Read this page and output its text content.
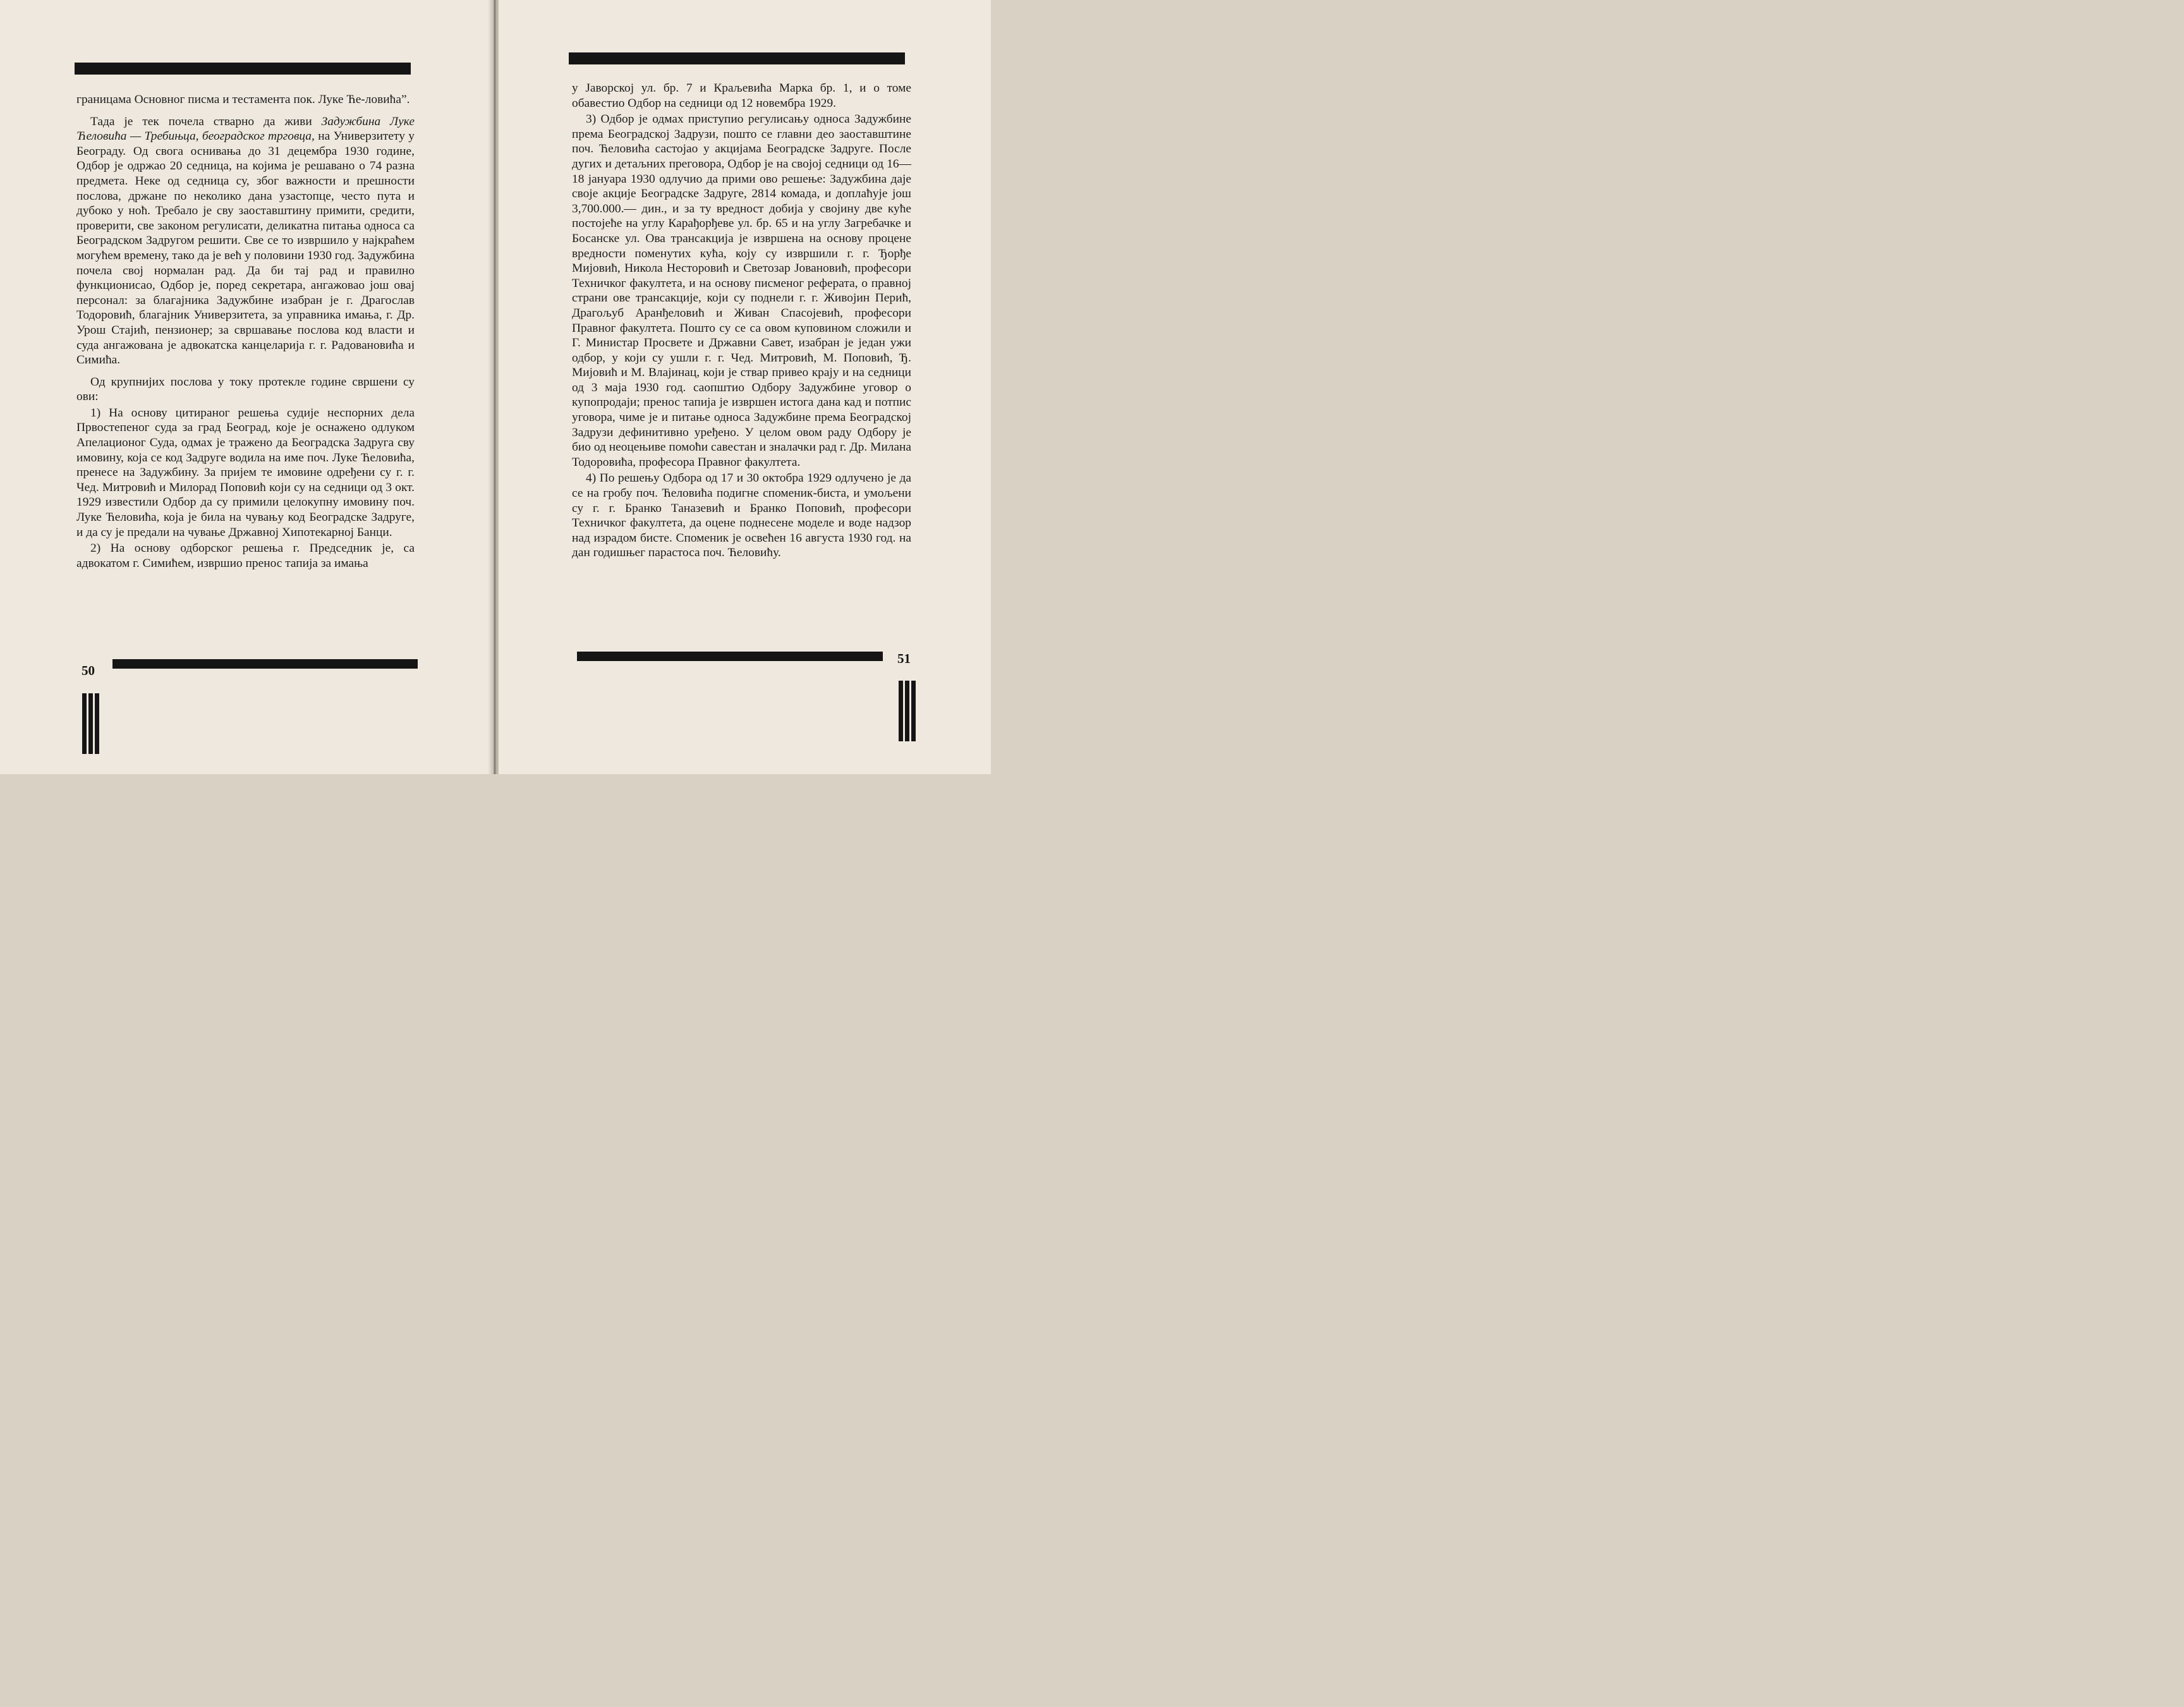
границама Основног писма и тестамента пок. Луке Ће-ловића”.

Тада је тек почела стварно да живи Задужбина Луке Ћеловића — Требињца, београдског трговца, на Универзитету у Београду. Од свога оснивања до 31 децембра 1930 године, Одбор је одржао 20 седница, на којима је решавано о 74 разна предмета. Неке од седница су, због важности и прешности послова, држане по неколико дана узастопце, често пута и дубоко у ноћ. Требало је сву заоставштину примити, средити, проверити, све законом регулисати, деликатна питања односа са Београдском Задругом решити. Све се то извршило у најкраћем могућем времену, тако да је већ у половини 1930 год. Задужбина почела свој нормалан рад. Да би тај рад и правилно функционисао, Одбор је, поред секретара, ангажовао још овај персонал: за благајника Задужбине изабран је г. Драгослав Тодоровић, благајник Универзитета, за управника имања, г. Др. Урош Стајић, пензионер; за свршавање послова код власти и суда ангажована је адвокатска канцеларија г. г. Радовановића и Симића.

Од крупнијих послова у току протекле године свршени су ови:

1) На основу цитираног решења судије неспорних дела Првостепеног суда за град Београд, које је оснажено одлуком Апелационог Суда, одмах је тражено да Београдска Задруга сву имовину, која се код Задруге водила на име поч. Луке Ћеловића, пренесе на Задужбину. За пријем те имовине одређени су г. г. Чед. Митровић и Милорад Поповић који су на седници од 3 окт. 1929 известили Одбор да су примили целокупну имовину поч. Луке Ћеловића, која је била на чувању код Београдске Задруге, и да су је предали на чување Државној Хипотекарној Банци.

2) На основу одборског решења г. Председник је, са адвокатом г. Симићем, извршио пренос тапија за имања

50

у Јаворској ул. бр. 7 и Краљевића Марка бр. 1, и о томе обавестио Одбор на седници од 12 новембра 1929.

3) Одбор је одмах приступио регулисању односа Задужбине према Београдској Задрузи, пошто се главни део заоставштине поч. Ћеловића састојао у акцијама Београдске Задруге. После дугих и детаљних преговора, Одбор је на својој седници од 16—18 јануара 1930 одлучио да прими ово решење: Задужбина даје своје акције Београдске Задруге, 2814 комада, и доплаћује још 3,700.000.— дин., и за ту вредност добија у својину две куће постојеће на углу Карађорђеве ул. бр. 65 и на углу Загребачке и Босанске ул. Ова трансакција је извршена на основу процене вредности поменутих кућа, коју су извршили г. г. Ђорђе Мијовић, Никола Несторовић и Светозар Јовановић, професори Техничког факултета, и на основу писменог реферата, о правној страни ове трансакције, који су поднели г. г. Живојин Перић, Драгољуб Аранђеловић и Живан Спасојевић, професори Правног факултета. Пошто су се са овом куповином сложили и Г. Министар Просвете и Државни Савет, изабран је један ужи одбор, у који су ушли г. г. Чед. Митровић, М. Поповић, Ђ. Мијовић и М. Влајинац, који је ствар привео крају и на седници од 3 маја 1930 год. саопштио Одбору Задужбине уговор о купопродаји; пренос тапија је извршен истога дана кад и потпис уговора, чиме је и питање односа Задужбине према Београдској Задрузи дефинитивно уређено. У целом овом раду Одбору је био од неоцењиве помоћи савестан и зналачки рад г. Др. Милана Тодоровића, професора Правног факултета.

4) По решењу Одбора од 17 и 30 октобра 1929 одлучено је да се на гробу поч. Ћеловића подигне споменик-биста, и умољени су г. г. Бранко Таназевић и Бранко Поповић, професори Техничког факултета, да оцене поднесене моделе и воде надзор над израдом бисте. Споменик је освећен 16 августа 1930 год. на дан годишњег парастоса поч. Ћеловићу.

51
